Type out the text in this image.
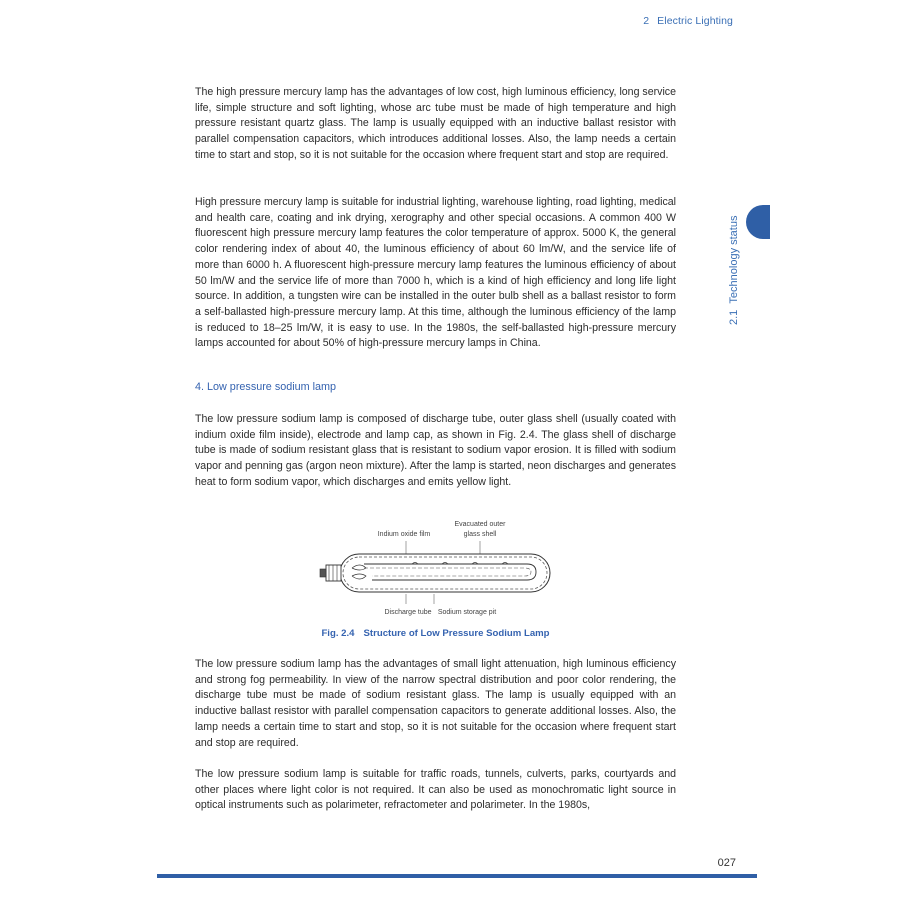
2 Electric Lighting
2.1  Technology status

The high pressure mercury lamp has the advantages of low cost, high luminous efficiency, long service life, simple structure and soft lighting, whose arc tube must be made of high temperature and high pressure resistant quartz glass. The lamp is usually equipped with an inductive ballast resistor with parallel compensation capacitors, which introduces additional losses. Also, the lamp needs a certain time to start and stop, so it is not suitable for the occasion where frequent start and stop are required.

High pressure mercury lamp is suitable for industrial lighting, warehouse lighting, road lighting, medical and health care, coating and ink drying, xerography and other special occasions. A common 400 W fluorescent high pressure mercury lamp features the color temperature of approx. 5000 K, the general color rendering index of about 40, the luminous efficiency of about 60 lm/W, and the service life of more than 6000 h. A fluorescent high-pressure mercury lamp features the luminous efficiency of about 50 lm/W and the service life of more than 7000 h, which is a kind of high efficiency and long life light source. In addition, a tungsten wire can be installed in the outer bulb shell as a ballast resistor to form a self-ballasted high-pressure mercury lamp. At this time, although the luminous efficiency of the lamp is reduced to 18–25 lm/W, it is easy to use. In the 1980s, the self-ballasted high-pressure mercury lamps accounted for about 50% of high-pressure mercury lamps in China.

4. Low pressure sodium lamp

The low pressure sodium lamp is composed of discharge tube, outer glass shell (usually coated with indium oxide film inside), electrode and lamp cap, as shown in Fig. 2.4. The glass shell of discharge tube is made of sodium resistant glass that is resistant to sodium vapor erosion. It is filled with sodium vapor and penning gas (argon neon mixture). After the lamp is started, neon discharges and generates heat to form sodium vapor, which discharges and emits yellow light.

Indium oxide film
Evacuated outer
glass shell
Discharge tube Sodium storage pit
Fig. 2.4 Structure of Low Pressure Sodium Lamp

The low pressure sodium lamp has the advantages of small light attenuation, high luminous efficiency and strong fog permeability. In view of the narrow spectral distribution and poor color rendering, the discharge tube must be made of sodium resistant glass. The lamp is usually equipped with an inductive ballast resistor with parallel compensation capacitors to generate additional losses. Also, the lamp needs a certain time to start and stop, so it is not suitable for the occasion where frequent start and stop are required.

The low pressure sodium lamp is suitable for traffic roads, tunnels, culverts, parks, courtyards and other places where light color is not required. It can also be used as monochromatic light source in optical instruments such as polarimeter, refractometer and polarimeter. In the 1980s,

027
